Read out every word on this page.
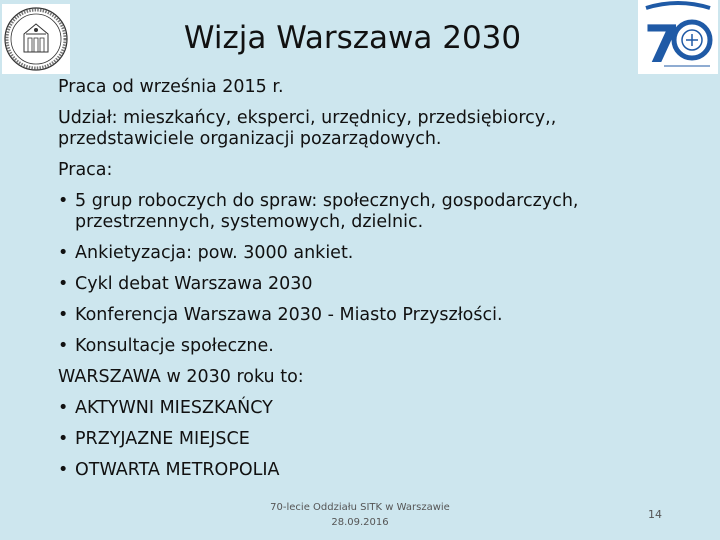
7
Wizja Warszawa 2030

Praca od września 2015 r.

Udział: mieszkańcy, eksperci, urzędnicy, przedsiębiorcy,, przedstawiciele organizacji pozarządowych.

Praca:

• 5 grup roboczych do spraw: społecznych, gospodarczych, przestrzennych, systemowych, dzielnic.
• Ankietyzacja: pow. 3000 ankiet.
• Cykl debat Warszawa 2030
• Konferencja Warszawa 2030 - Miasto Przyszłości.
• Konsultacje społeczne.

WARSZAWA w 2030 roku to:

• AKTYWNI MIESZKAŃCY
• PRZYJAZNE MIEJSCE
• OTWARTA METROPOLIA
70-lecie Oddziału SITK w Warszawie
28.09.2016
14
